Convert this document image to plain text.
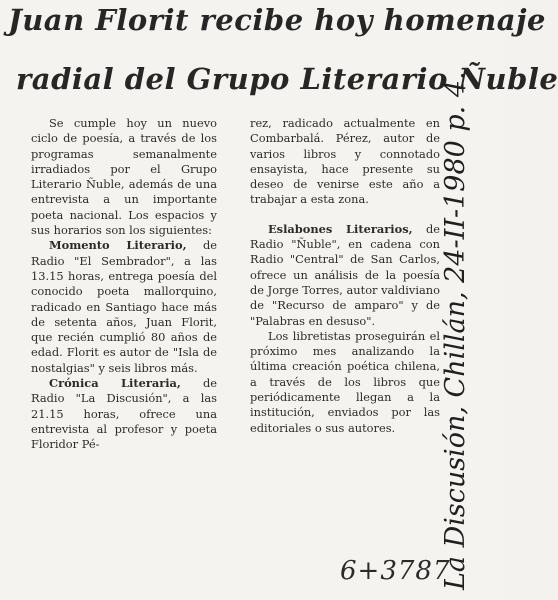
Juan Florit recibe hoy homenaje
radial del Grupo Literario Ñuble

Se cumple hoy un nuevo ciclo de poesía, a través de los programas semanalmente irradiados por el Grupo Literario Ñuble, además de una entrevista a un importante poeta nacional. Los espacios y sus horarios son los siguientes:

Momento Literario, de Radio "El Sembrador", a las 13.15 horas, entrega poesía del conocido poeta mallorquino, radicado en Santiago hace más de setenta años, Juan Florit, que recién cumplió 80 años de edad. Florit es autor de "Isla de nostalgias" y seis libros más.

Crónica Literaria, de Radio "La Discusión", a las 21.15 horas, ofrece una entrevista al profesor y poeta Floridor Pé-

rez, radicado actualmente en Combarbalá. Pérez, autor de varios libros y connotado ensayista, hace presente su deseo de venirse este año a trabajar a esta zona.

Eslabones Literarios, de Radio "Ñuble", en cadena con Radio "Central" de San Carlos, ofrece un análisis de la poesía de Jorge Torres, autor valdiviano de "Recurso de amparo" y de "Palabras en desuso".

Los libretistas proseguirán el próximo mes analizando la última creación poética chilena, a través de los libros que periódicamente llegan a la institución, enviados por las editoriales o sus autores.	La Discusión, Chillán, 24-II-1980 p. 4.
6+3787
